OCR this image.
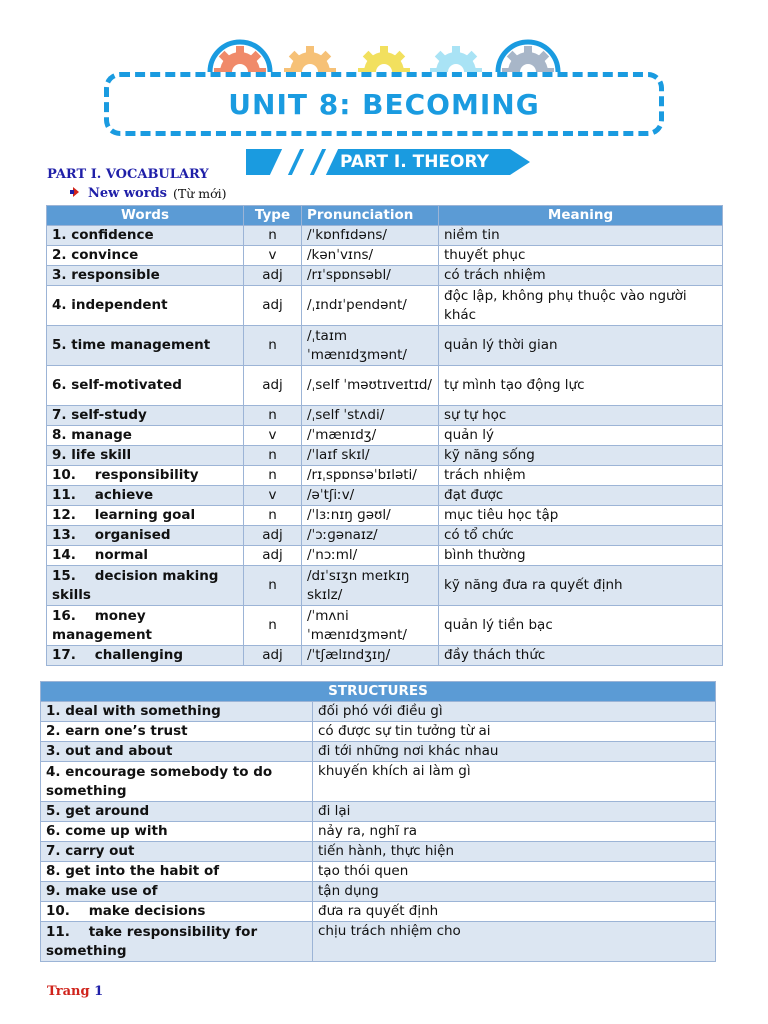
UNIT 8: BECOMING
PART I. THEORY
PART I. VOCABULARY
New words (Từ mới)
Words	Type	Pronunciation	Meaning
1. confidence	n	/ˈkɒnfɪdəns/	niềm tin
2. convince	v	/kənˈvɪns/	thuyết phục
3. responsible	adj	/rɪˈspɒnsəbl/	có trách nhiệm
4. independent	adj	/ˌɪndɪˈpendənt/	độc lập, không phụ thuộc vào người khác
5. time management	n	/ˌtaɪm ˈmænɪdʒmənt/	quản lý thời gian
6. self-motivated	adj	/ˌself ˈməʊtɪveɪtɪd/	tự mình tạo động lực
7. self-study	n	/ˌself ˈstʌdi/	sự tự học
8. manage	v	/ˈmænɪdʒ/	quản lý
9. life skill	n	/ˈlaɪf skɪl/	kỹ năng sống
10.    responsibility	n	/rɪˌspɒnsəˈbɪləti/	trách nhiệm
11.    achieve	v	/əˈtʃiːv/	đạt được
12.    learning goal	n	/ˈlɜːnɪŋ ɡəʊl/	mục tiêu học tập
13.    organised	adj	/ˈɔːɡənaɪz/	có tổ chức
14.    normal	adj	/ˈnɔːml/	bình thường
15.    decision making skills	n	/dɪˈsɪʒn meɪkɪŋ skɪlz/	kỹ năng đưa ra quyết định
16.    money management	n	/ˈmʌni ˈmænɪdʒmənt/	quản lý tiền bạc
17.    challenging	adj	/ˈtʃælɪndʒɪŋ/	đầy thách thức
STRUCTURES	
1. deal with something	đối phó với điều gì
2. earn one’s trust	có được sự tin tưởng từ ai
3. out and about	đi tới những nơi khác nhau
4. encourage somebody to do something	khuyến khích ai làm gì
5. get around	đi lại
6. come up with	nảy ra, nghĩ ra
7. carry out	tiến hành, thực hiện
8. get into the habit of	tạo thói quen
9. make use of	tận dụng
10.    make decisions	đưa ra quyết định
11.    take responsibility for something	chịu trách nhiệm cho
Trang 1
